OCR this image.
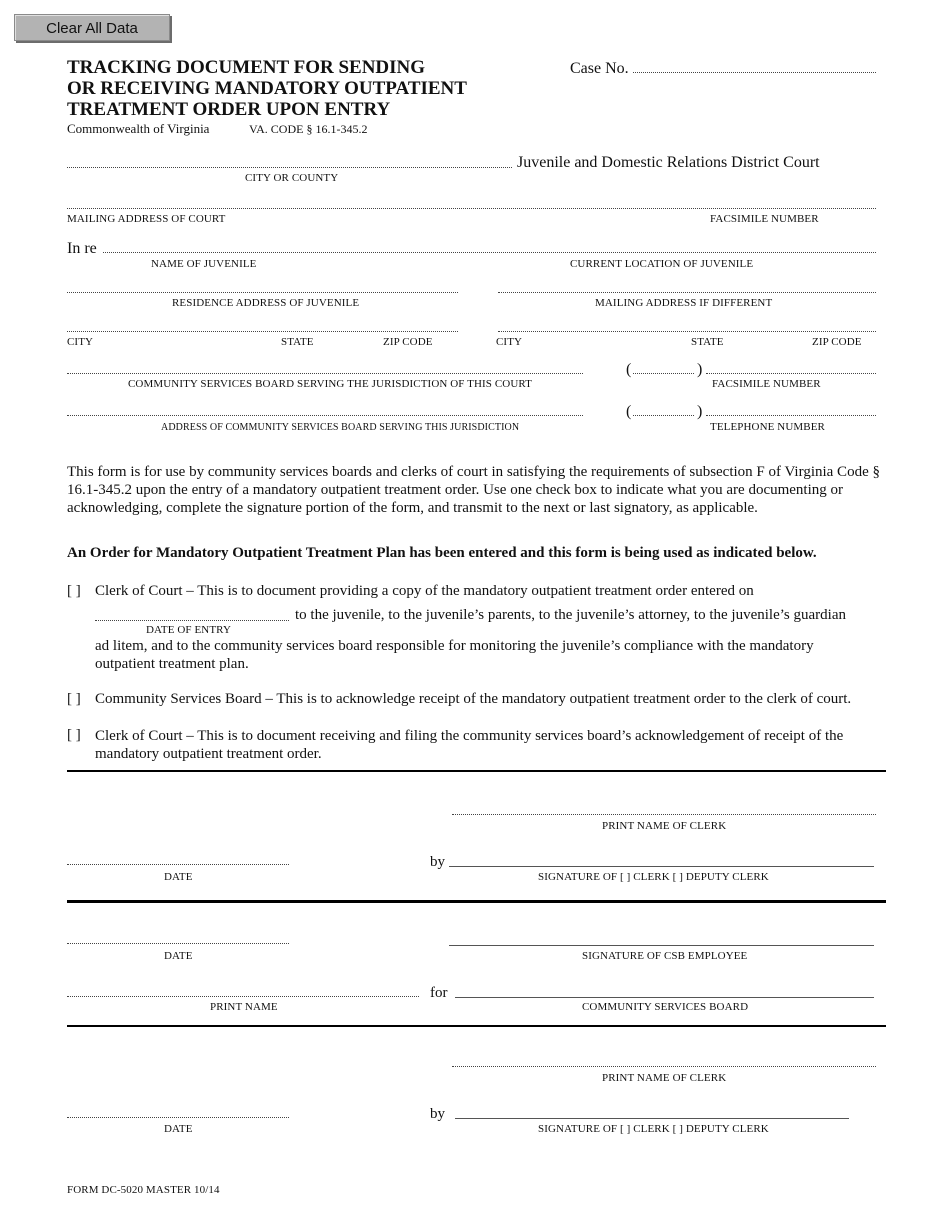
Clear All Data
TRACKING DOCUMENT FOR SENDING
OR RECEIVING MANDATORY OUTPATIENT
TREATMENT ORDER UPON ENTRY
Commonwealth of Virginia	VA. CODE § 16.1-345.2
Case No.
Juvenile and Domestic Relations District Court
CITY OR COUNTY
MAILING ADDRESS OF COURT	FACSIMILE NUMBER
In re
NAME OF JUVENILE	CURRENT LOCATION OF JUVENILE
RESIDENCE ADDRESS OF JUVENILE	MAILING ADDRESS IF DIFFERENT
CITY	STATE	ZIP CODE	CITY	STATE	ZIP CODE
(	)
COMMUNITY SERVICES BOARD SERVING THE JURISDICTION OF THIS COURT	FACSIMILE NUMBER
(	)
ADDRESS OF COMMUNITY SERVICES BOARD SERVING THIS JURISDICTION	TELEPHONE NUMBER
This form is for use by community services boards and clerks of court in satisfying the requirements of subsection F of Virginia Code § 16.1-345.2 upon the entry of a mandatory outpatient treatment order. Use one check box to indicate what you are documenting or acknowledging, complete the signature portion of the form, and transmit to the next or last signatory, as applicable.
An Order for Mandatory Outpatient Treatment Plan has been entered and this form is being used as indicated below.
[ ] Clerk of Court – This is to document providing a copy of the mandatory outpatient treatment order entered on
to the juvenile, to the juvenile’s parents, to the juvenile’s attorney, to the juvenile’s guardian
DATE OF ENTRY
ad litem, and to the community services board responsible for monitoring the juvenile’s compliance with the mandatory outpatient treatment plan.
[ ] Community Services Board – This is to acknowledge receipt of the mandatory outpatient treatment order to the clerk of court.
[ ] Clerk of Court – This is to document receiving and filing the community services board’s acknowledgement of receipt of the mandatory outpatient treatment order.
PRINT NAME OF CLERK
DATE
by
SIGNATURE OF [ ] CLERK [ ] DEPUTY CLERK
DATE	SIGNATURE OF CSB EMPLOYEE
PRINT NAME
for
COMMUNITY SERVICES BOARD
PRINT NAME OF CLERK
DATE
by
SIGNATURE OF [ ] CLERK [ ] DEPUTY CLERK
FORM DC-5020 MASTER 10/14
